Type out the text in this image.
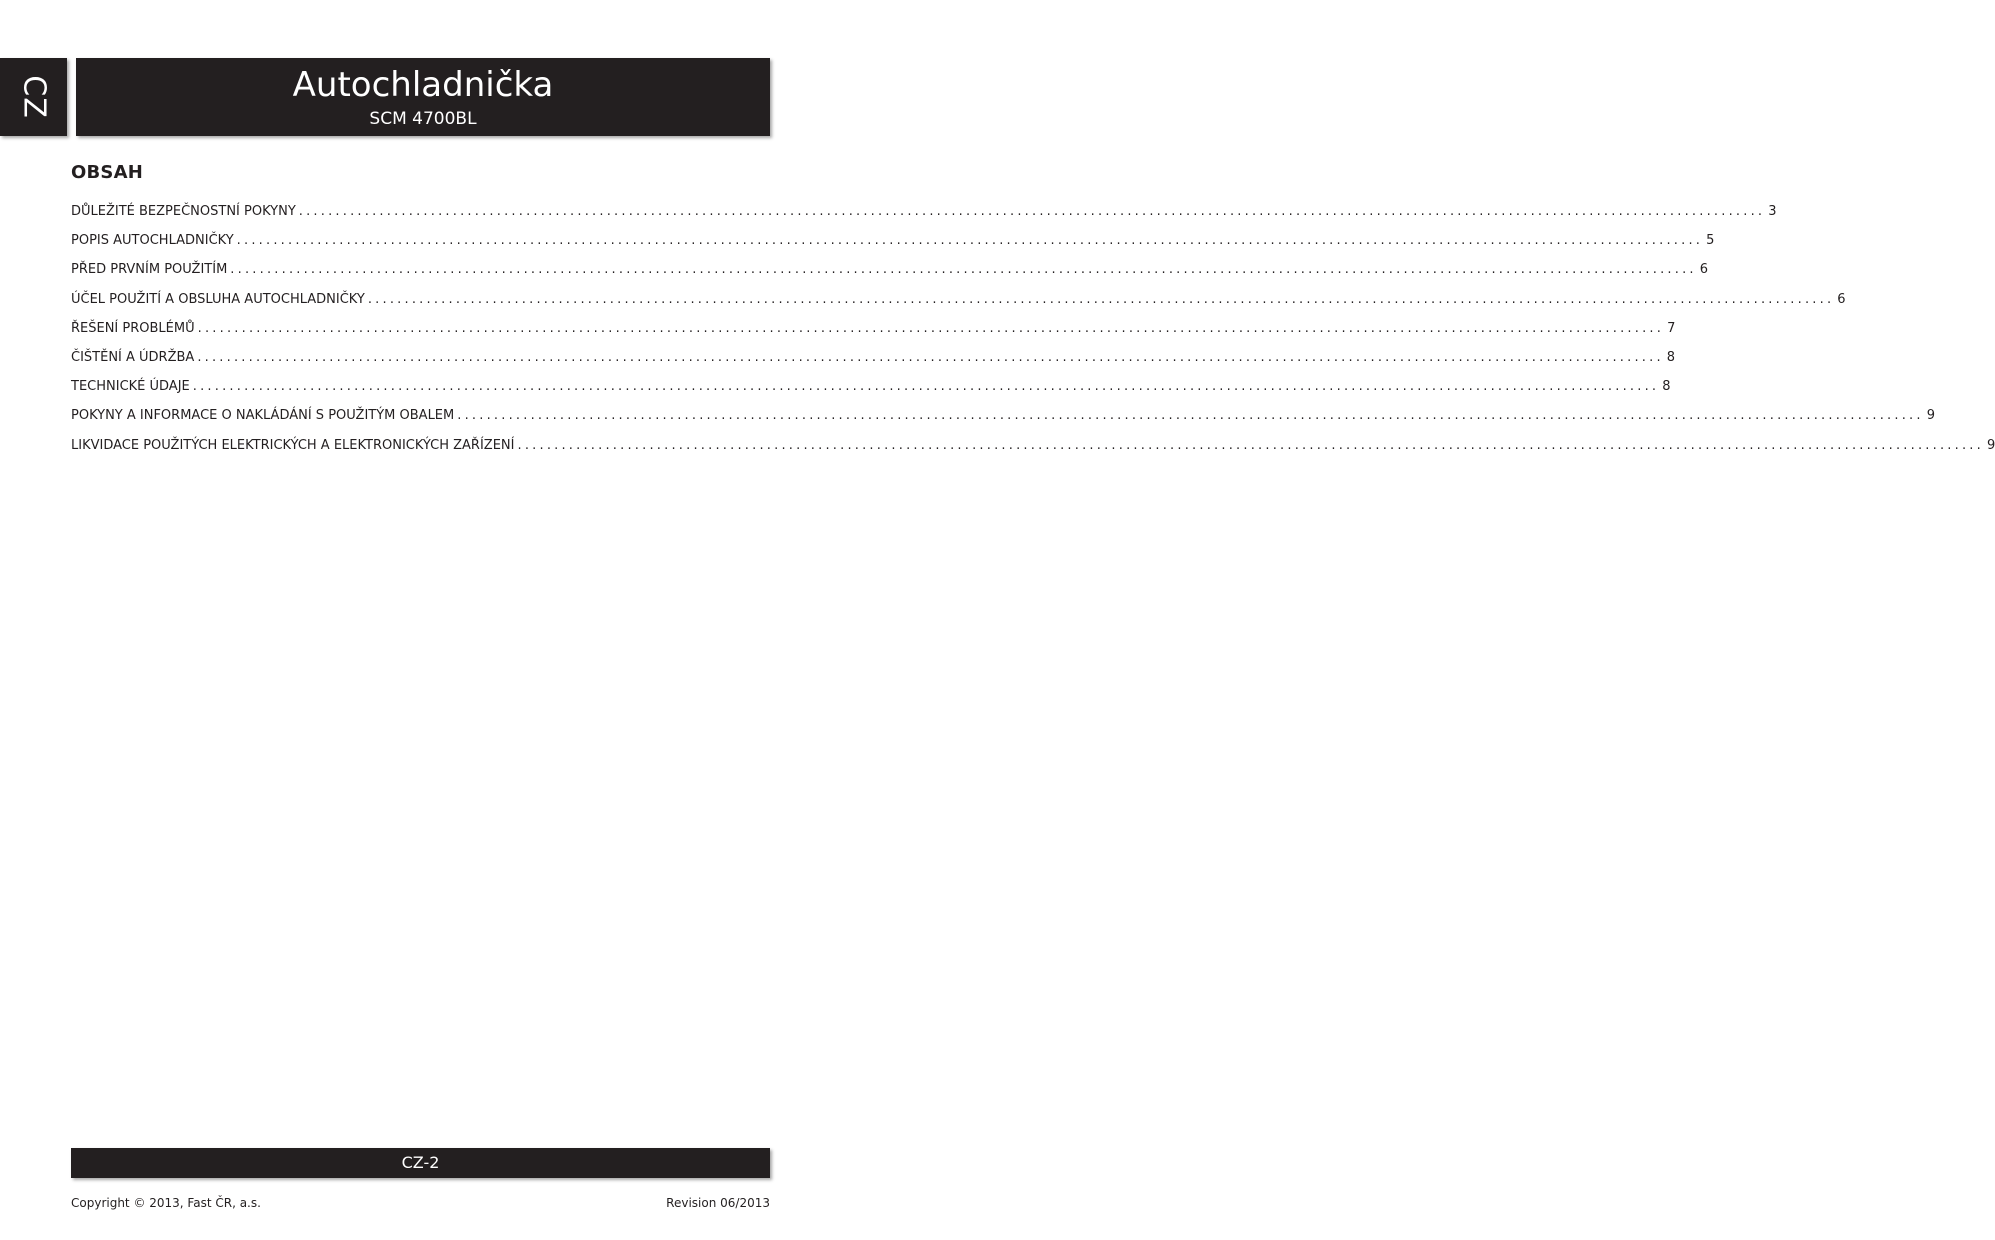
CZ	Autochladnička
SCM 4700BL
OBSAH
DŮLEŽITÉ BEZPEČNOSTNÍ POKYNY ........................................................................................................................................................................................................ 3
POPIS AUTOCHLADNIČKY ........................................................................................................................................................................................................ 5
PŘED PRVNÍM POUŽITÍM ........................................................................................................................................................................................................ 6
ÚČEL POUŽITÍ A OBSLUHA AUTOCHLADNIČKY ........................................................................................................................................................................................................ 6
ŘEŠENÍ PROBLÉMŮ ........................................................................................................................................................................................................ 7
ČIŠTĚNÍ A ÚDRŽBA ........................................................................................................................................................................................................ 8
TECHNICKÉ ÚDAJE ........................................................................................................................................................................................................ 8
POKYNY A INFORMACE O NAKLÁDÁNÍ S POUŽITÝM OBALEM ........................................................................................................................................................................................................ 9
LIKVIDACE POUŽITÝCH ELEKTRICKÝCH A ELEKTRONICKÝCH ZAŘÍZENÍ ........................................................................................................................................................................................................ 9
CZ-2
Copyright © 2013, Fast ČR, a.s.	Revision 06/2013
